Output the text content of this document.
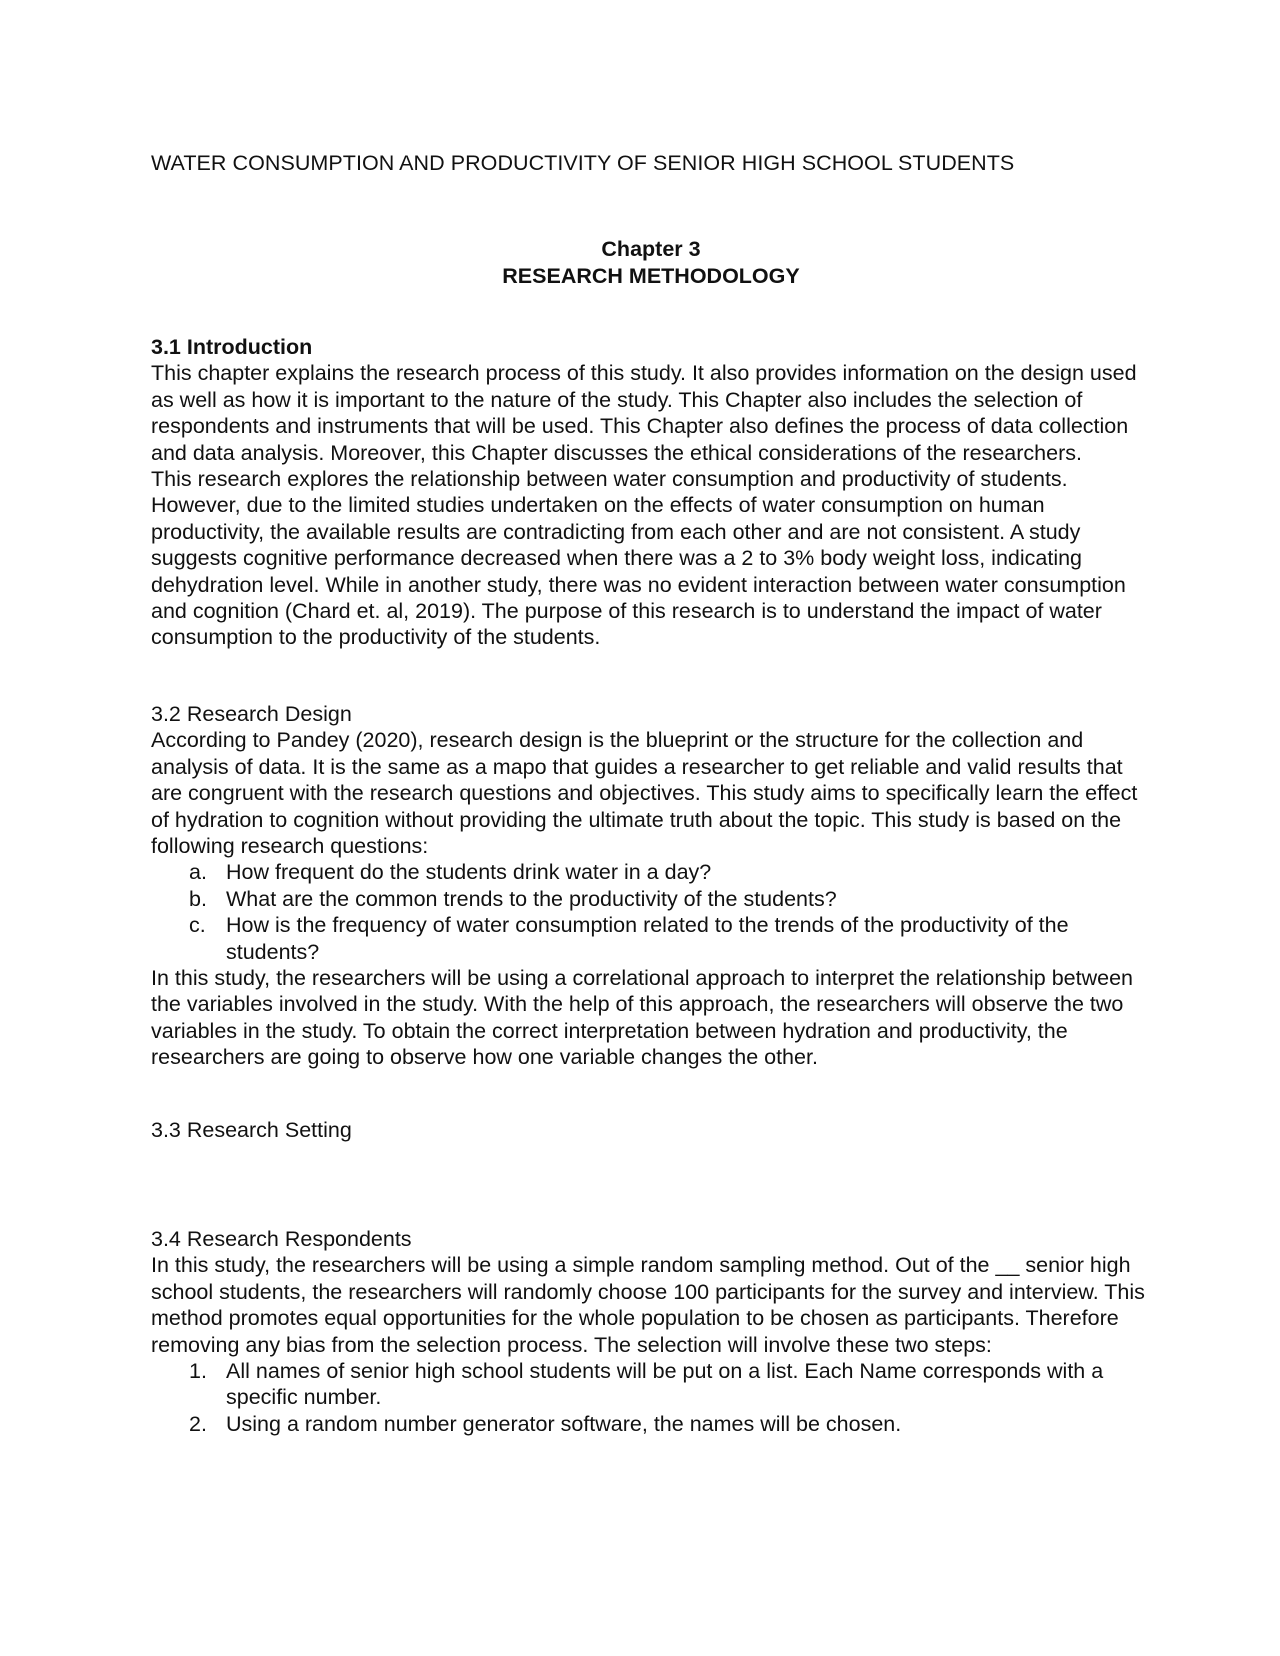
WATER CONSUMPTION AND PRODUCTIVITY OF SENIOR HIGH SCHOOL STUDENTS

Chapter 3
RESEARCH METHODOLOGY
3.1 Introduction

This chapter explains the research process of this study. It also provides information on the design used as well as how it is important to the nature of the study. This Chapter also includes the selection of respondents and instruments that will be used. This Chapter also defines the process of data collection and data analysis. Moreover, this Chapter discusses the ethical considerations of the researchers.

This research explores the relationship between water consumption and productivity of students. However, due to the limited studies undertaken on the effects of water consumption on human productivity, the available results are contradicting from each other and are not consistent. A study suggests cognitive performance decreased when there was a 2 to 3% body weight loss, indicating dehydration level. While in another study, there was no evident interaction between water consumption and cognition (Chard et. al, 2019). The purpose of this research is to understand the impact of water consumption to the productivity of the students.

3.2 Research Design

According to Pandey (2020), research design is the blueprint or the structure for the collection and analysis of data. It is the same as a mapo that guides a researcher to get reliable and valid results that are congruent with the research questions and objectives. This study aims to specifically learn the effect of hydration to cognition without providing the ultimate truth about the topic. This study is based on the following research questions:

a. How frequent do the students drink water in a day?
b. What are the common trends to the productivity of the students?
c. How is the frequency of water consumption related to the trends of the productivity of the students?

In this study, the researchers will be using a correlational approach to interpret the relationship between the variables involved in the study. With the help of this approach, the researchers will observe the two variables in the study. To obtain the correct interpretation between hydration and productivity, the researchers are going to observe how one variable changes the other.

3.3 Research Setting
3.4 Research Respondents

In this study, the researchers will be using a simple random sampling method. Out of the __ senior high school students, the researchers will randomly choose 100 participants for the survey and interview. This method promotes equal opportunities for the whole population to be chosen as participants. Therefore removing any bias from the selection process. The selection will involve these two steps:

1. All names of senior high school students will be put on a list. Each Name corresponds with a specific number.
2. Using a random number generator software, the names will be chosen.
